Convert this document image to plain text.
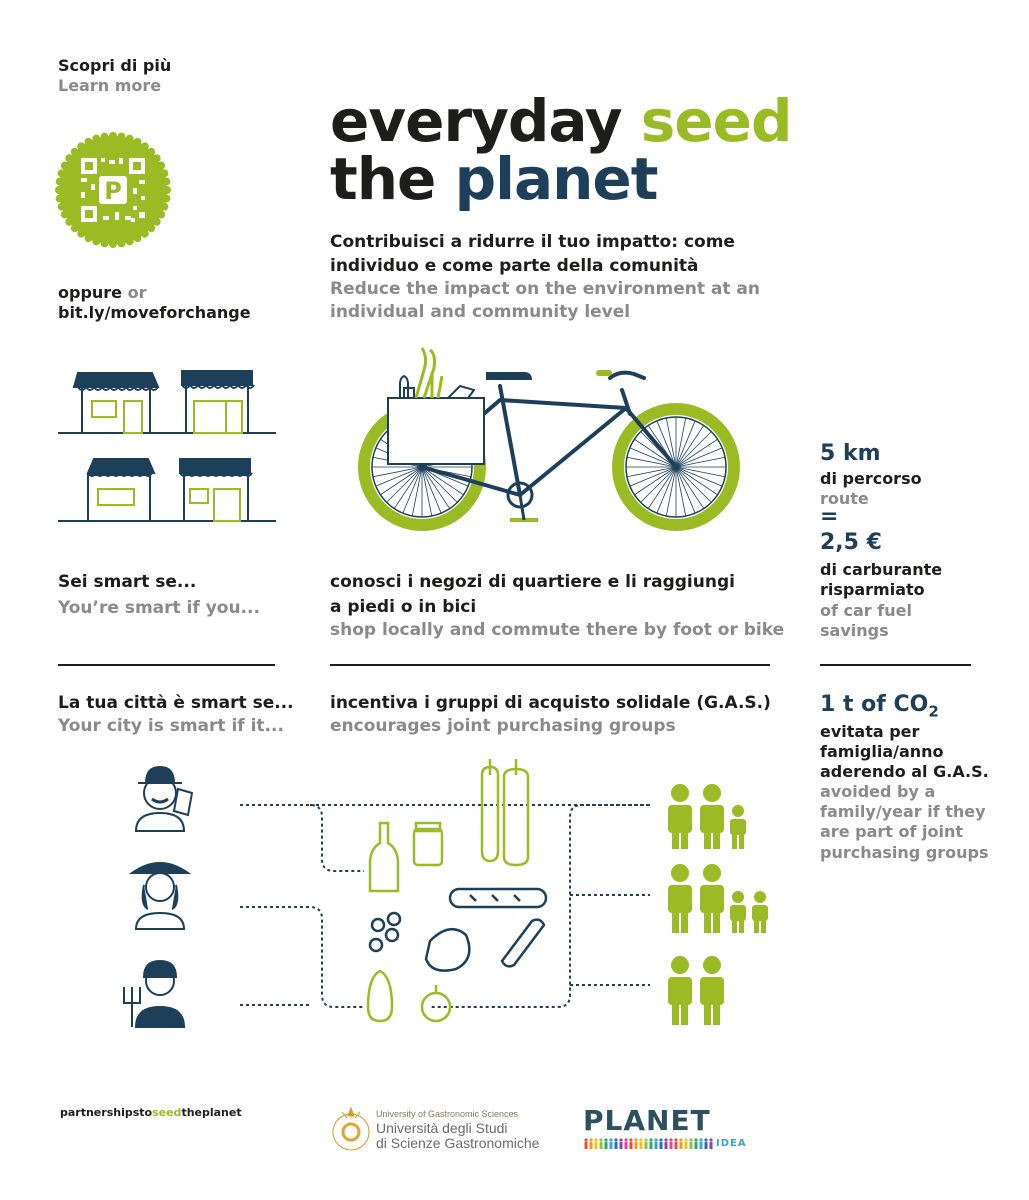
Scopri di più
Learn more
P
oppure or
bit.ly/moveforchange
everyday seed
the planet
Contribuisci a ridurre il tuo impatto: come
individuo e come parte della comunità
Reduce the impact on the environment at an
individual and community level
5 km
di percorso
route
=
2,5 €
di carburante
risparmiato
of car fuel
savings
Sei smart se...
You’re smart if you...
conosci i negozi di quartiere e li raggiungi
a piedi o in bici
shop locally and commute there by foot or bike
La tua città è smart se...
Your city is smart if it...
incentiva i gruppi di acquisto solidale (G.A.S.)
encourages joint purchasing groups
1 t of $CO_2$
evitata per
famiglia/anno
aderendo al G.A.S.
avoided by a
family/year if they
are part of joint
purchasing groups
partnershipstoseedtheplanet	University of Gastronomic Sciences
Università degli Studi
di Scienze Gastronomiche
PLANET
IDEA
